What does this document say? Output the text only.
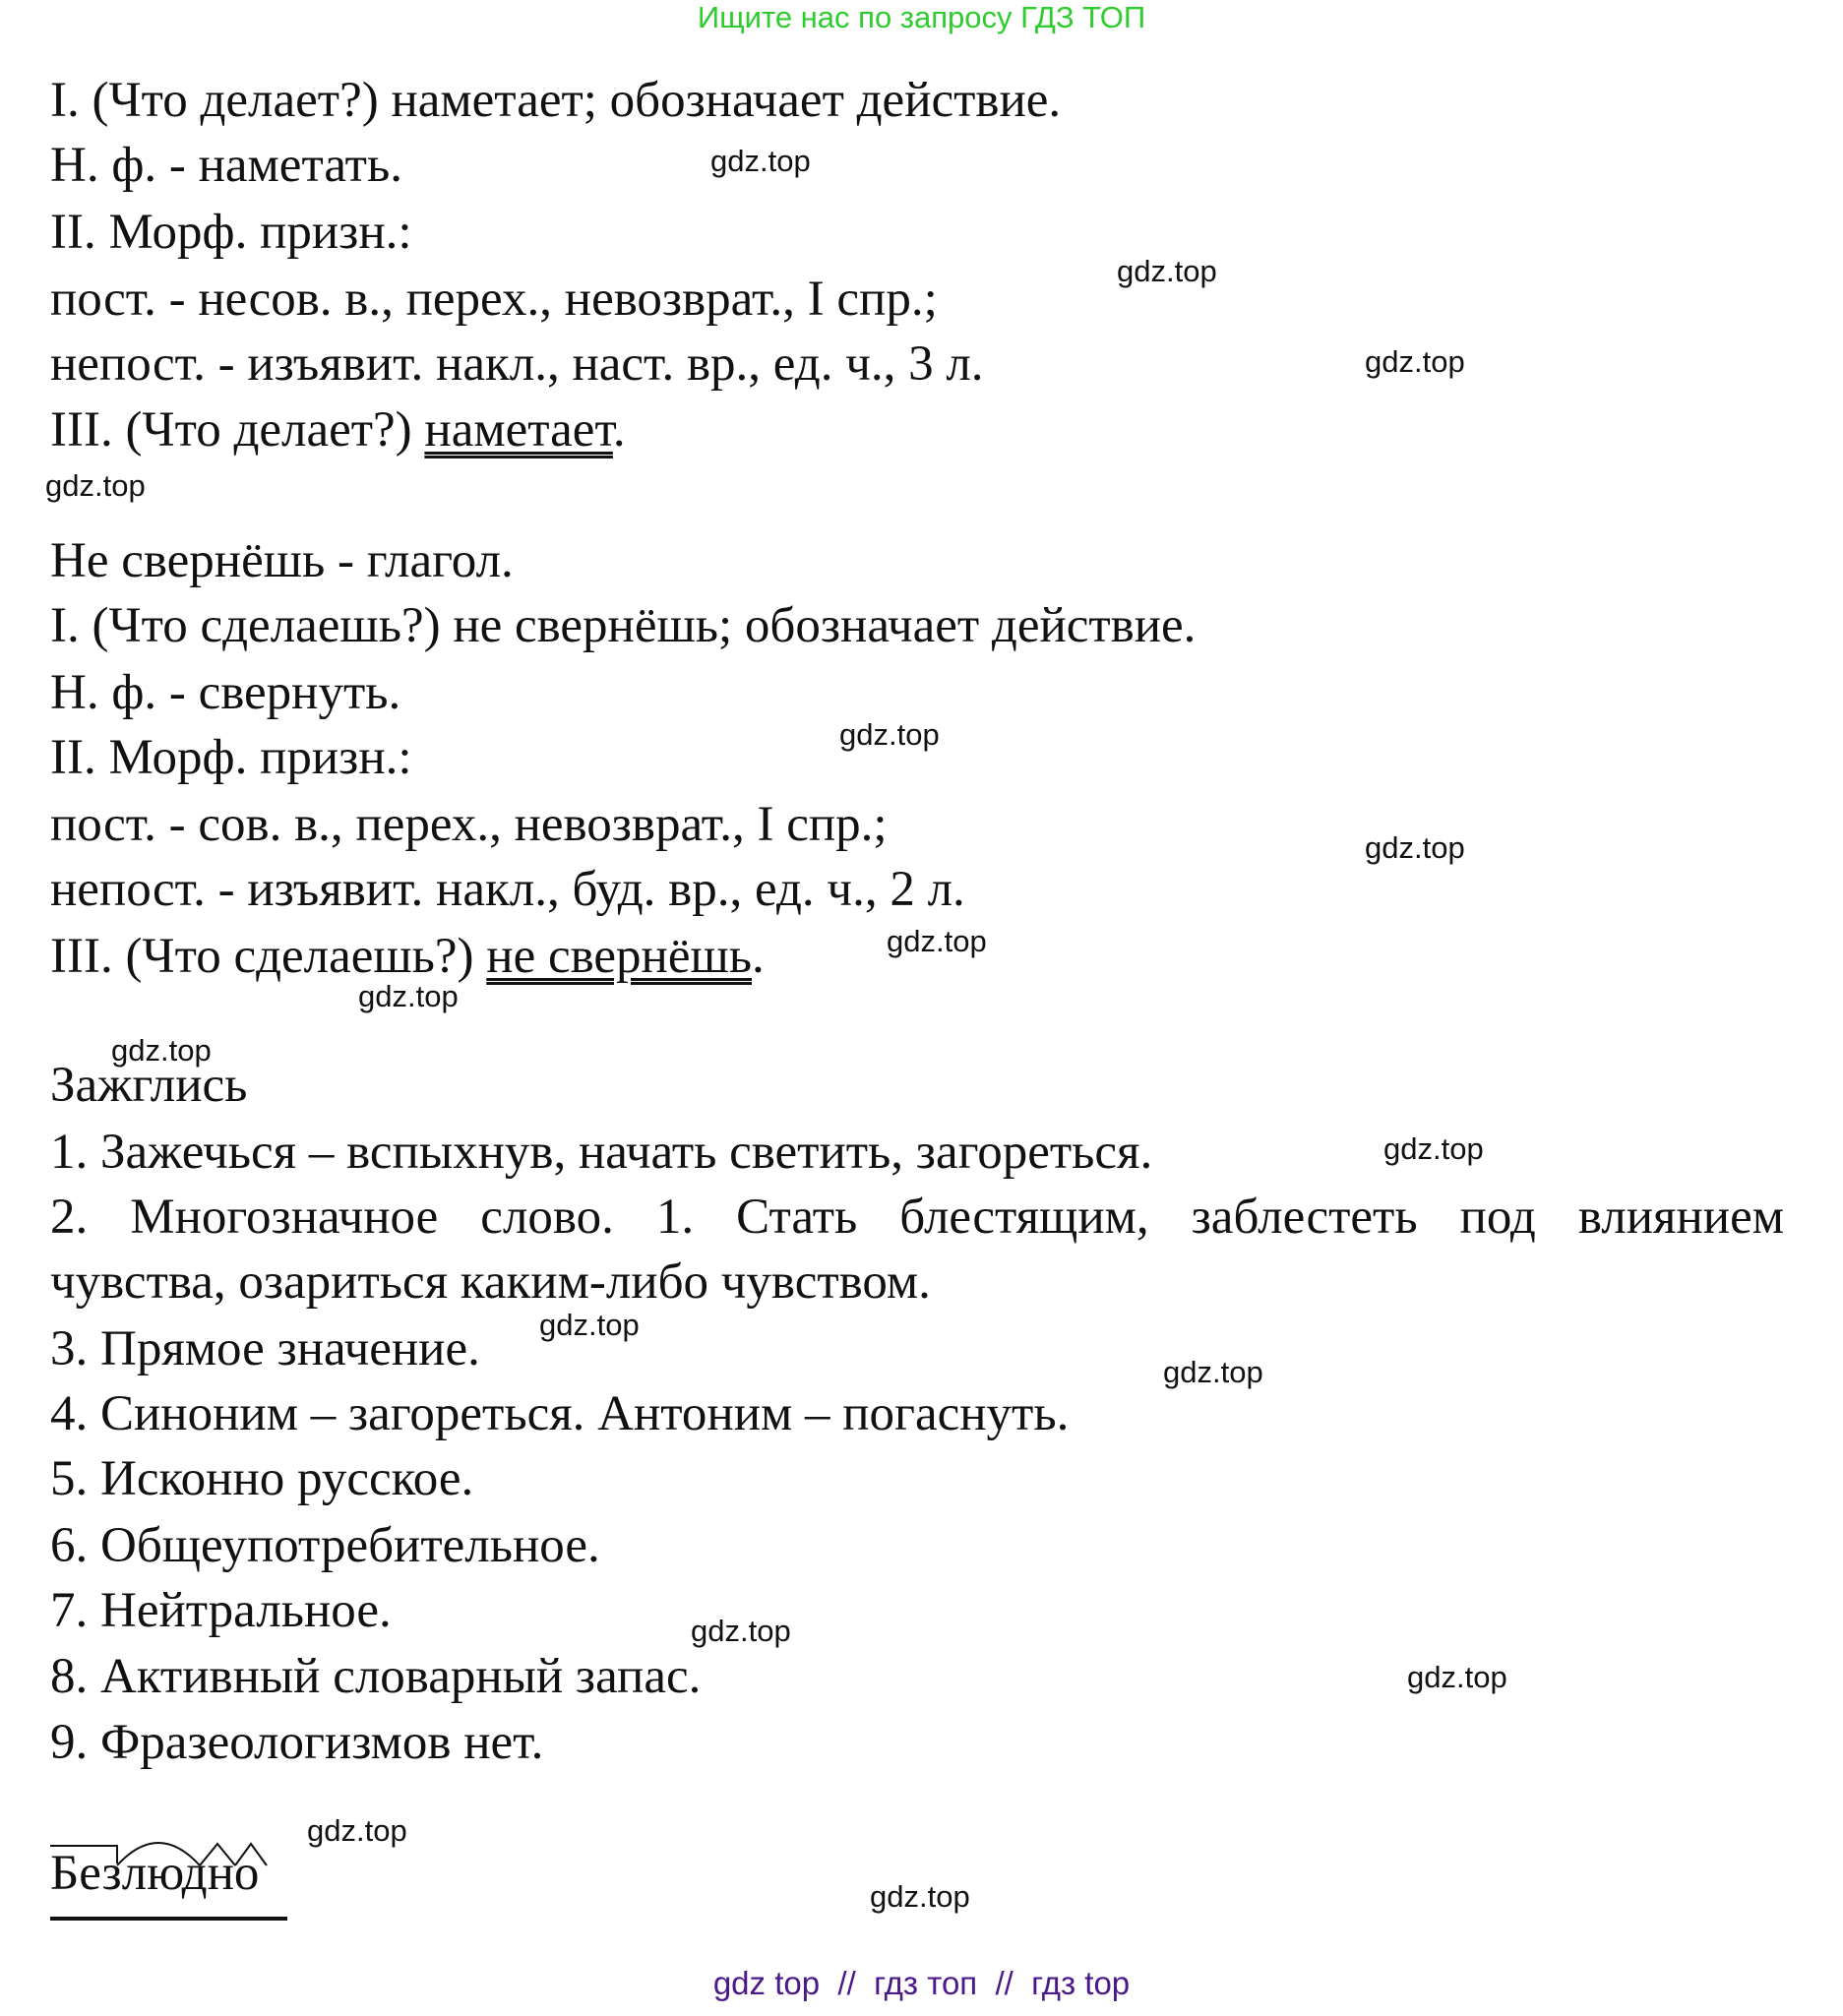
Ищите нас по запросу ГДЗ ТОП
I. (Что делает?) наметает; обозначает действие.
Н. ф. - наметать.
II. Морф. призн.:
пост. - несов. в., перех., невозврат., I спр.;
непост. - изъявит. накл., наст. вр., ед. ч., 3 л.
III. (Что делает?) наметает.
Не свернёшь - глагол.
I. (Что сделаешь?) не свернёшь; обозначает действие.
Н. ф. - свернуть.
II. Морф. призн.:
пост. - сов. в., перех., невозврат., I спр.;
непост. - изъявит. накл., буд. вр., ед. ч., 2 л.
III. (Что сделаешь?) не свернёшь.
Зажглись
1. Зажечься – вспыхнув, начать светить, загореться.
2. Многозначное слово. 1. Стать блестящим, заблестеть под влиянием
чувства, озариться каким-либо чувством.
3. Прямое значение.
4. Синоним – загореться. Антоним – погаснуть.
5. Исконно русское.
6. Общеупотребительное.
7. Нейтральное.
8. Активный словарный запас.
9. Фразеологизмов нет.
Безлюдно
gdz.top
gdz.top
gdz.top
gdz.top
gdz.top
gdz.top
gdz.top
gdz.top
gdz.top
gdz.top
gdz.top
gdz.top
gdz.top
gdz.top
gdz.top
gdz.top
gdz top  //  гдз топ  //  гдз top
